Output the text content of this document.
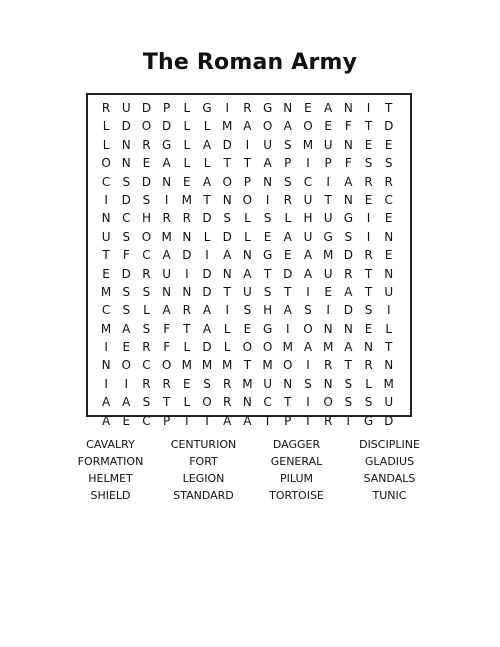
The Roman Army
R U D P	L	G	I	R G N E	A N	I	T
L	D O D	L	L M A O A O E	F	T D
L	N R G	L	A D	I	U S M U N E	E
O N E	A	L	L	T	T	A	P	I	P	F	S	S
C	S D N E	A O P	N S	C	I	A R R
I	D S	I	M T	N O	I	R U	T	N E	C
N C H R R D S	L	S	L	H U G	I	E
U S O M N	L	D	L	E	A U G S	I	N
T	F	C A D	I	A N G E	A M D R	E
E D R U	I	D N A	T D A U R	T	N
M S	S N N D T	U S	T	I	E	A	T	U
C	S	L	A R A	I	S H A	S	I	D S	I
M A	S	F	T	A	L	E G	I	O N N E	L
I	E	R	F	L	D	L	O O M A M A N	T
N O C O M M M T M O	I	R	T	R N
I	I	R R	E	S	R M U N S N S	L M
A A	S	T	L	O R N C	T	I	O S	S U
A	E	C	P	T	T	A A	T	P	T	R	T G D
CAVALRY	CENTURION	DAGGER	DISCIPLINE
FORMATION	FORT	GENERAL	GLADIUS
HELMET	LEGION	PILUM	SANDALS
SHIELD	STANDARD	TORTOISE	TUNIC
